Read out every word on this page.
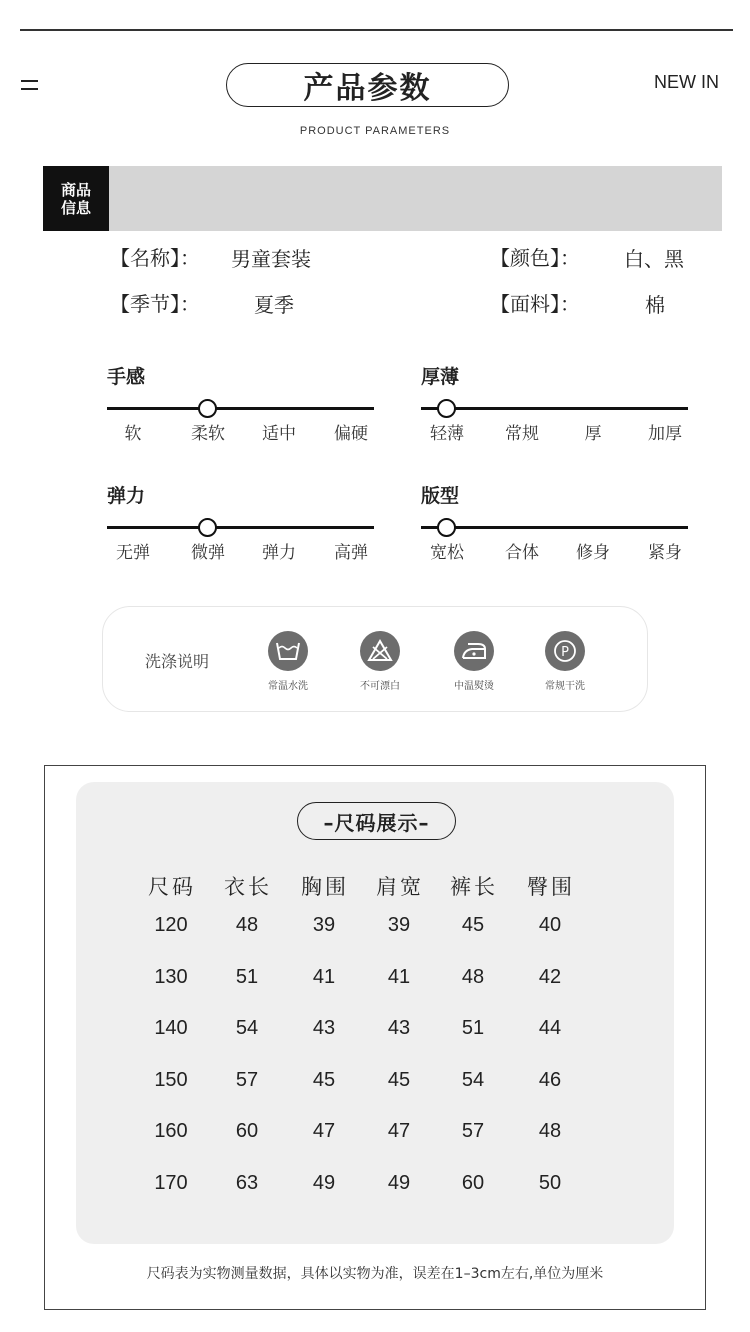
产品参数	NEW IN
PRODUCT PARAMETERS
商品
信息
【名称】： 男童套装	【颜色】： 白、黑
【季节】：	夏季	【面料】：	棉
手感
软	柔软	适中	偏硬
厚薄
轻薄	常规	厚	加厚
弹力
无弹	微弹	弹力	高弹
版型
宽松	合体	修身	紧身
洗涤说明	P
常温水洗	不可漂白	中温熨烫	常规干洗
–尺码展示–
尺码	衣长	胸围	肩宽	裤长	臀围
120	48	39	39	45	40
130	51	41	41	48	42
140	54	43	43	51	44
150	57	45	45	54	46
160	60	47	47	57	48
170	63	49	49	60	50
尺码表为实物测量数据，具体以实物为准，误差在1–3cm左右,单位为厘米
